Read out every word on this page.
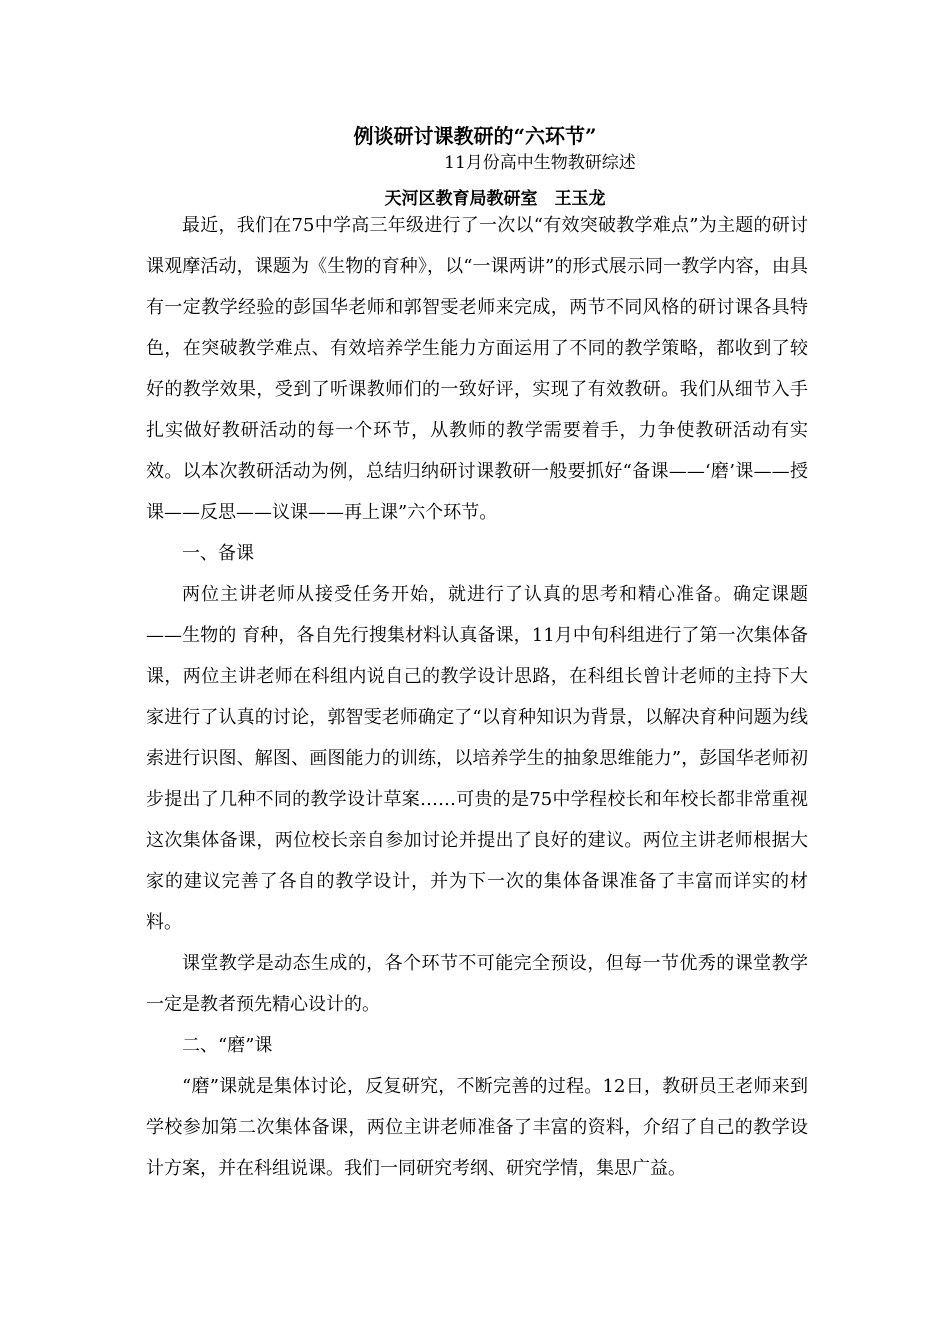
例谈研讨课教研的“六环节”
11月份高中生物教研综述
天河区教育局教研室　王玉龙

最近，我们在75中学高三年级进行了一次以“有效突破教学难点”为主题的研讨课观摩活动，课题为《生物的育种》，以“一课两讲”的形式展示同一教学内容，由具有一定教学经验的彭国华老师和郭智雯老师来完成，两节不同风格的研讨课各具特色，在突破教学难点、有效培养学生能力方面运用了不同的教学策略，都收到了较好的教学效果，受到了听课教师们的一致好评，实现了有效教研。我们从细节入手扎实做好教研活动的每一个环节，从教师的教学需要着手，力争使教研活动有实效。以本次教研活动为例，总结归纳研讨课教研一般要抓好“备课——‘磨’课——授课——反思——议课——再上课”六个环节。

一、备课

两位主讲老师从接受任务开始，就进行了认真的思考和精心准备。确定课题——生物的 育种，各自先行搜集材料认真备课，11月中旬科组进行了第一次集体备课，两位主讲老师在科组内说自己的教学设计思路，在科组长曾计老师的主持下大家进行了认真的讨论，郭智雯老师确定了“以育种知识为背景，以解决育种问题为线索进行识图、解图、画图能力的训练，以培养学生的抽象思维能力”，彭国华老师初步提出了几种不同的教学设计草案……可贵的是75中学程校长和年校长都非常重视这次集体备课，两位校长亲自参加讨论并提出了良好的建议。两位主讲老师根据大家的建议完善了各自的教学设计，并为下一次的集体备课准备了丰富而详实的材料。

课堂教学是动态生成的，各个环节不可能完全预设，但每一节优秀的课堂教学一定是教者预先精心设计的。

二、“磨”课

“磨”课就是集体讨论，反复研究，不断完善的过程。12日，教研员王老师来到学校参加第二次集体备课，两位主讲老师准备了丰富的资料，介绍了自己的教学设计方案，并在科组说课。我们一同研究考纲、研究学情，集思广益。
